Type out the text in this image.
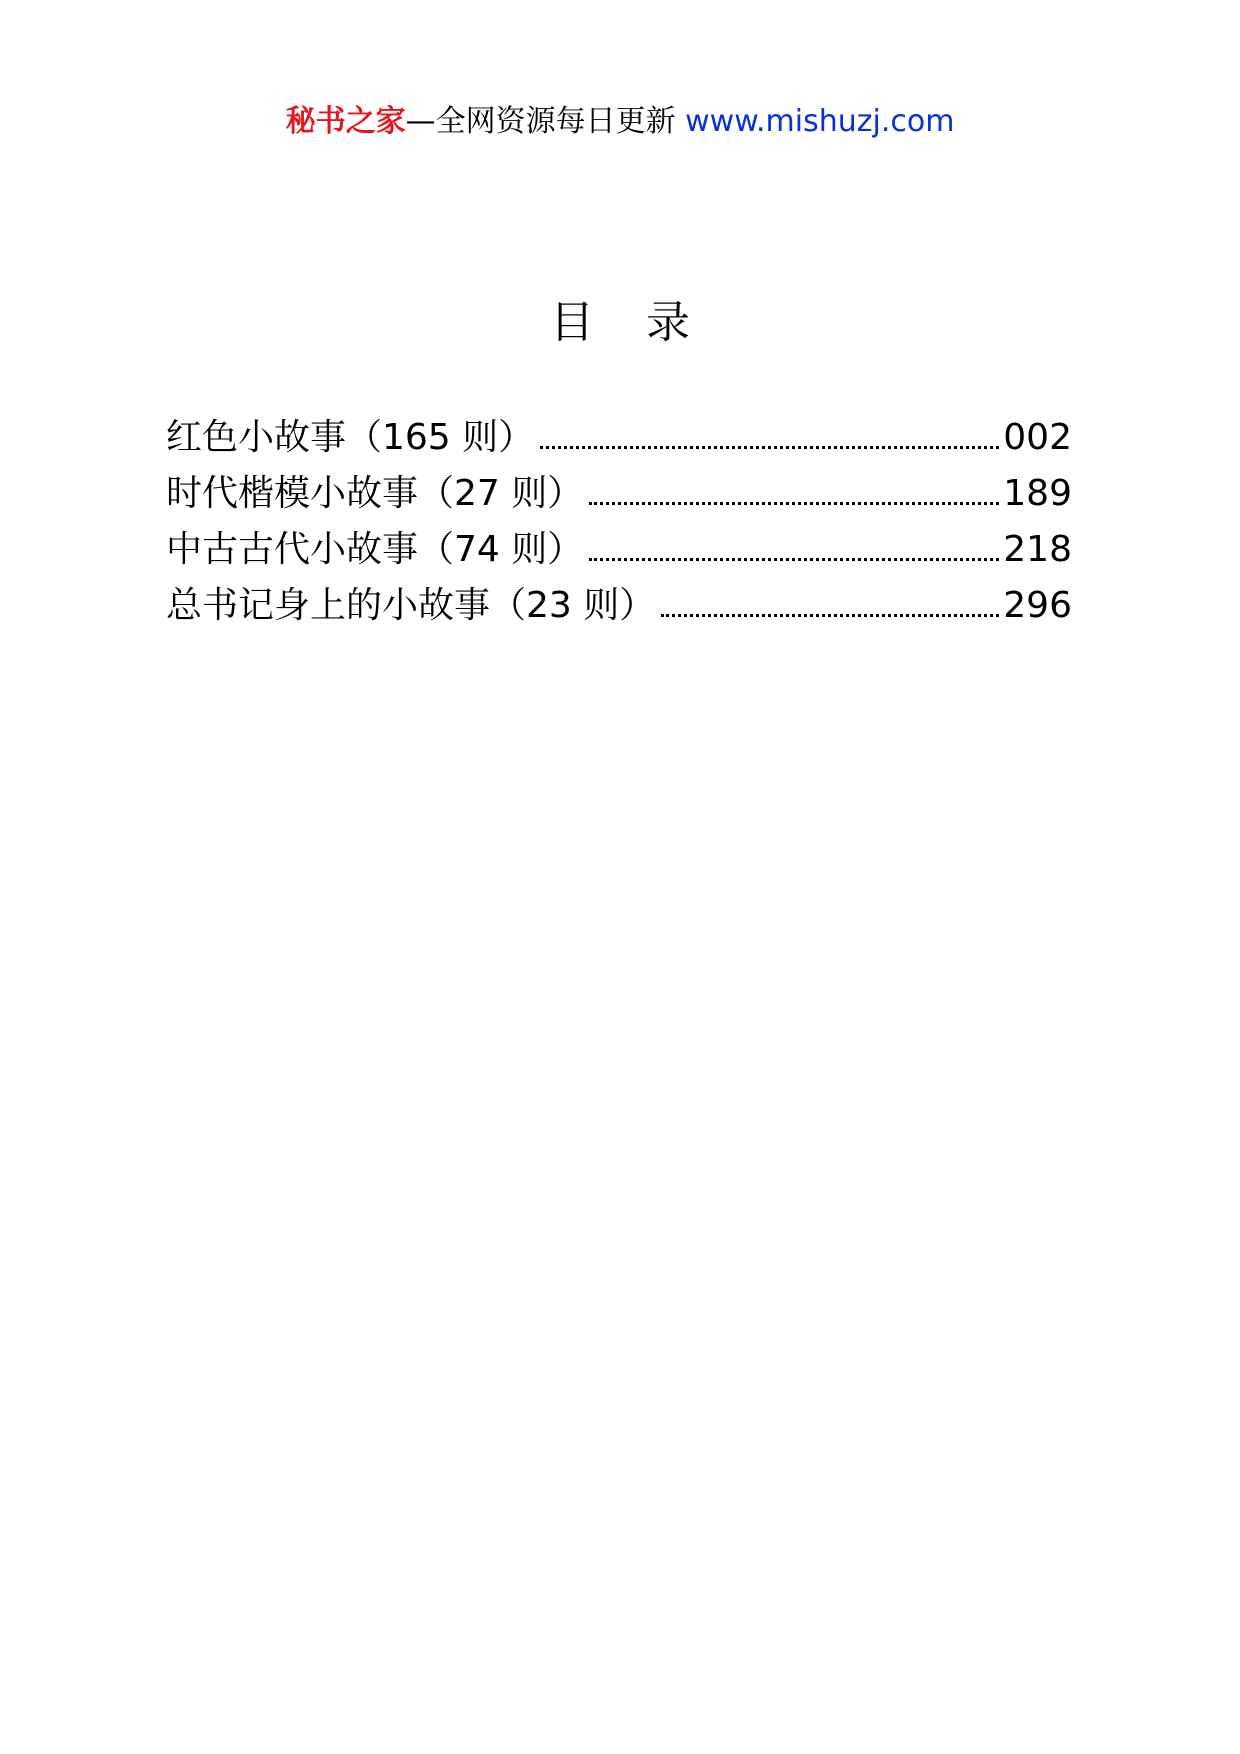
秘书之家—全网资源每日更新 www.mishuzj.com
目录
红色小故事（165 则）	002
时代楷模小故事（27 则）	189
中古古代小故事（74 则）	218
总书记身上的小故事（23 则）	296
